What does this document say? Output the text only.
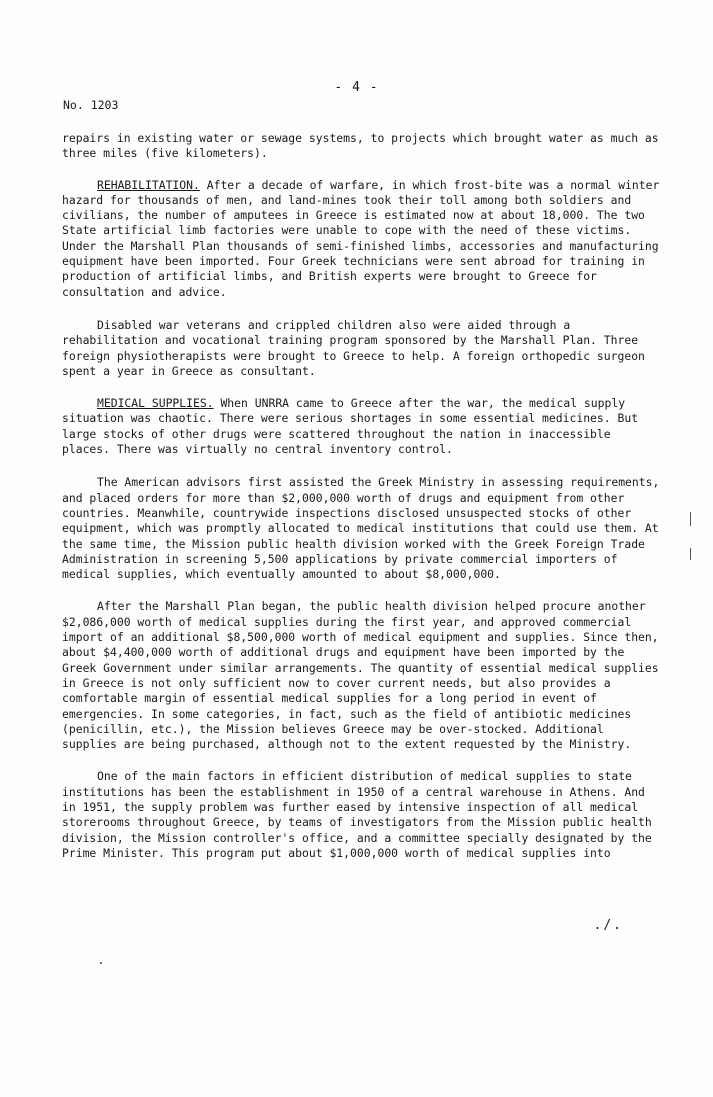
- 4 -
No. 1203

repairs in existing water or sewage systems, to projects which brought water as much as three miles (five kilometers).

REHABILITATION. After a decade of warfare, in which frost-bite was a normal winter hazard for thousands of men, and land-mines took their toll among both soldiers and civilians, the number of amputees in Greece is estimated now at about 18,000. The two State artificial limb factories were unable to cope with the need of these victims. Under the Marshall Plan thousands of semi-finished limbs, accessories and manufacturing equipment have been imported. Four Greek technicians were sent abroad for training in production of artificial limbs, and British experts were brought to Greece for consultation and advice.

Disabled war veterans and crippled children also were aided through a rehabilitation and vocational training program sponsored by the Marshall Plan. Three foreign physiotherapists were brought to Greece to help. A foreign orthopedic surgeon spent a year in Greece as consultant.

MEDICAL SUPPLIES. When UNRRA came to Greece after the war, the medical supply situation was chaotic. There were serious shortages in some essential medicines. But large stocks of other drugs were scattered throughout the nation in inaccessible places. There was virtually no central inventory control.

The American advisors first assisted the Greek Ministry in assessing requirements, and placed orders for more than $2,000,000 worth of drugs and equipment from other countries. Meanwhile, countrywide inspections disclosed unsuspected stocks of other equipment, which was promptly allocated to medical institutions that could use them. At the same time, the Mission public health division worked with the Greek Foreign Trade Administration in screening 5,500 applications by private commercial importers of medical supplies, which eventually amounted to about $8,000,000.

After the Marshall Plan began, the public health division helped procure another $2,086,000 worth of medical supplies during the first year, and approved commercial import of an additional $8,500,000 worth of medical equipment and supplies. Since then, about $4,400,000 worth of additional drugs and equipment have been imported by the Greek Government under similar arrangements. The quantity of essential medical supplies in Greece is not only sufficient now to cover current needs, but also provides a comfortable margin of essential medical supplies for a long period in event of emergencies. In some categories, in fact, such as the field of antibiotic medicines (penicillin, etc.), the Mission believes Greece may be over-stocked. Additional supplies are being purchased, although not to the extent requested by the Ministry.

One of the main factors in efficient distribution of medical supplies to state institutions has been the establishment in 1950 of a central warehouse in Athens. And in 1951, the supply problem was further eased by intensive inspection of all medical storerooms throughout Greece, by teams of investigators from the Mission public health division, the Mission controller's office, and a committee specially designated by the Prime Minister. This program put about $1,000,000 worth of medical supplies into

./.
